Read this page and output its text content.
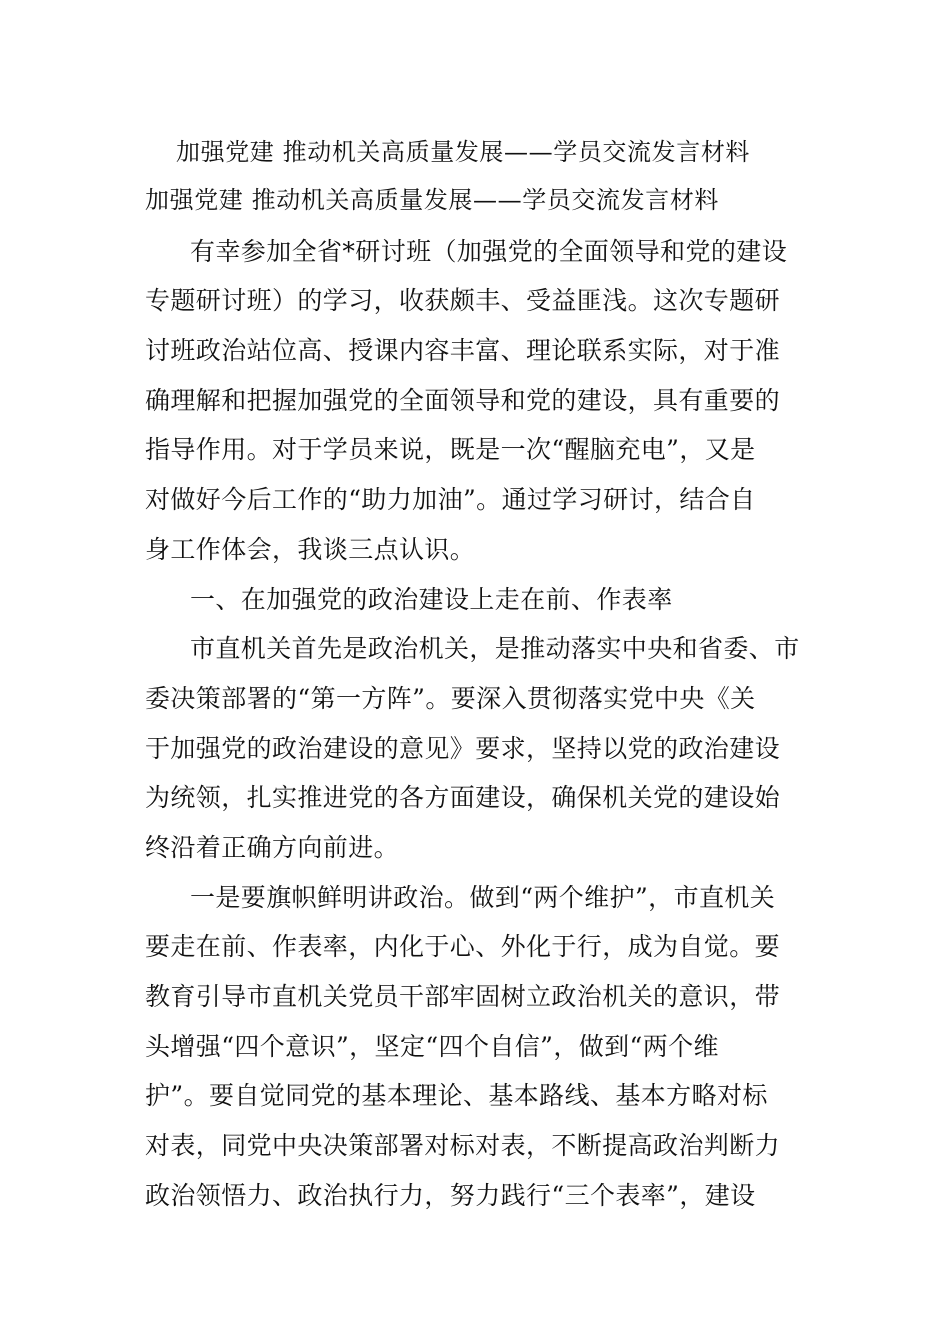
加强党建 推动机关高质量发展——学员交流发言材料
加强党建 推动机关高质量发展——学员交流发言材料
有幸参加全省*研讨班（加强党的全面领导和党的建设
专题研讨班）的学习，收获颇丰、受益匪浅。这次专题研
讨班政治站位高、授课内容丰富、理论联系实际，对于准
确理解和把握加强党的全面领导和党的建设，具有重要的
指导作用。对于学员来说，既是一次“醒脑充电”，又是
对做好今后工作的“助力加油”。通过学习研讨，结合自
身工作体会，我谈三点认识。
一、在加强党的政治建设上走在前、作表率
市直机关首先是政治机关，是推动落实中央和省委、市
委决策部署的“第一方阵”。要深入贯彻落实党中央《关
于加强党的政治建设的意见》要求，坚持以党的政治建设
为统领，扎实推进党的各方面建设，确保机关党的建设始
终沿着正确方向前进。
一是要旗帜鲜明讲政治。做到“两个维护”，市直机关
要走在前、作表率，内化于心、外化于行，成为自觉。要
教育引导市直机关党员干部牢固树立政治机关的意识，带
头增强“四个意识”，坚定“四个自信”，做到“两个维
护”。要自觉同党的基本理论、基本路线、基本方略对标
对表，同党中央决策部署对标对表，不断提高政治判断力
政治领悟力、政治执行力，努力践行“三个表率”，建设
